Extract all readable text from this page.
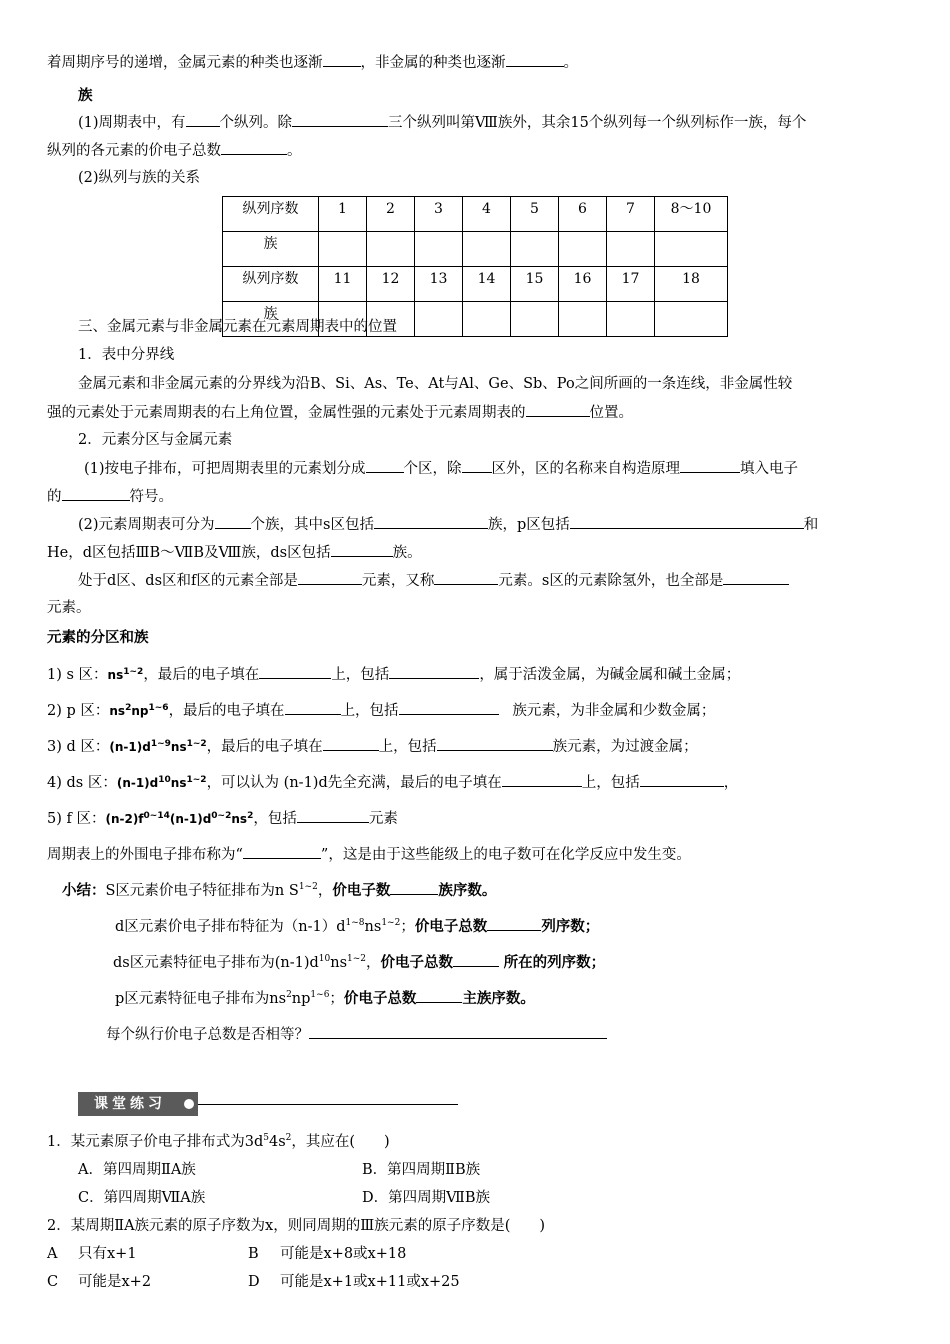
着周期序号的递增，金属元素的种类也逐渐	，非金属的种类也逐渐	。
族
(1)周期表中，有 个纵列。除	三个纵列叫第Ⅷ族外，其余15个纵列每一个纵列标作一族，每个
纵列的各元素的价电子总数	。
(2)纵列与族的关系
纵列序数	1	2	3	4	5	6	7	8～10
族								
纵列序数	11	12	13	14	15	16	17	18
族								
三、金属元素与非金属元素在元素周期表中的位置
1．表中分界线
金属元素和非金属元素的分界线为沿B、Si、As、Te、At与Al、Ge、Sb、Po之间所画的一条连线，非金属性较
强的元素处于元素周期表的右上角位置，金属性强的元素处于元素周期表的	位置。
2．元素分区与金属元素
(1)按电子排布，可把周期表里的元素划分成	个区，除 区外，区的名称来自构造原理	填入电子
的	符号。
(2)元素周期表可分为 个族，其中s区包括	族，p区包括	和
He，d区包括ⅢB～ⅦB及Ⅷ族，ds区包括	族。
处于d区、ds区和f区的元素全部是	元素，又称	元素。s区的元素除氢外，也全部是
元素。
元素的分区和族
1) s 区：$ns^{1\sim 2}$，最后的电子填在	上，包括	，属于活泼金属，为碱金属和碱土金属；
2) p 区：$ns^2np^{1\sim 6}$，最后的电子填在	上，包括	族元素，为非金属和少数金属；
3) d 区：$(n-1)d^{1\sim 9}ns^{1\sim 2}$，最后的电子填在	上，包括	族元素，为过渡金属；
4) ds 区：$(n-1)d^{10}ns^{1\sim 2}$，可以认为 (n-1)d先全充满，最后的电子填在	上，包括	，
5) f 区：$(n-2)f^{0\sim 14}(n-1)d^{0\sim 2}ns^2$，包括	元素
周期表上的外围电子排布称为“	”，这是由于这些能级上的电子数可在化学反应中发生变。
小结：S区元素价电子特征排布为n $S^{1\sim 2}$，价电子数	族序数。
d区元素价电子排布特征为$(n-1)d^{1\sim 8}ns^{1\sim 2}$；价电子总数	列序数；
ds区元素特征电子排布为$(n-1)d^{10}ns^{1\sim 2}$，价电子总数	所在的列序数；
p区元素特征电子排布为$ns^2np^{1\sim 6}$；价电子总数	主族序数。
每个纵行价电子总数是否相等？
课堂练习
1．某元素原子价电子排布式为$3d^54s^2$，其应在(　　)
A．第四周期ⅡA族	B．第四周期ⅡB族
C．第四周期ⅦA族	D．第四周期ⅦB族
2．某周期ⅡA族元素的原子序数为x，则同周期的Ⅲ族元素的原子序数是(　　)
A 只有x+1	B 可能是x+8或x+18
C 可能是x+2	D 可能是x+1或x+11或x+25
